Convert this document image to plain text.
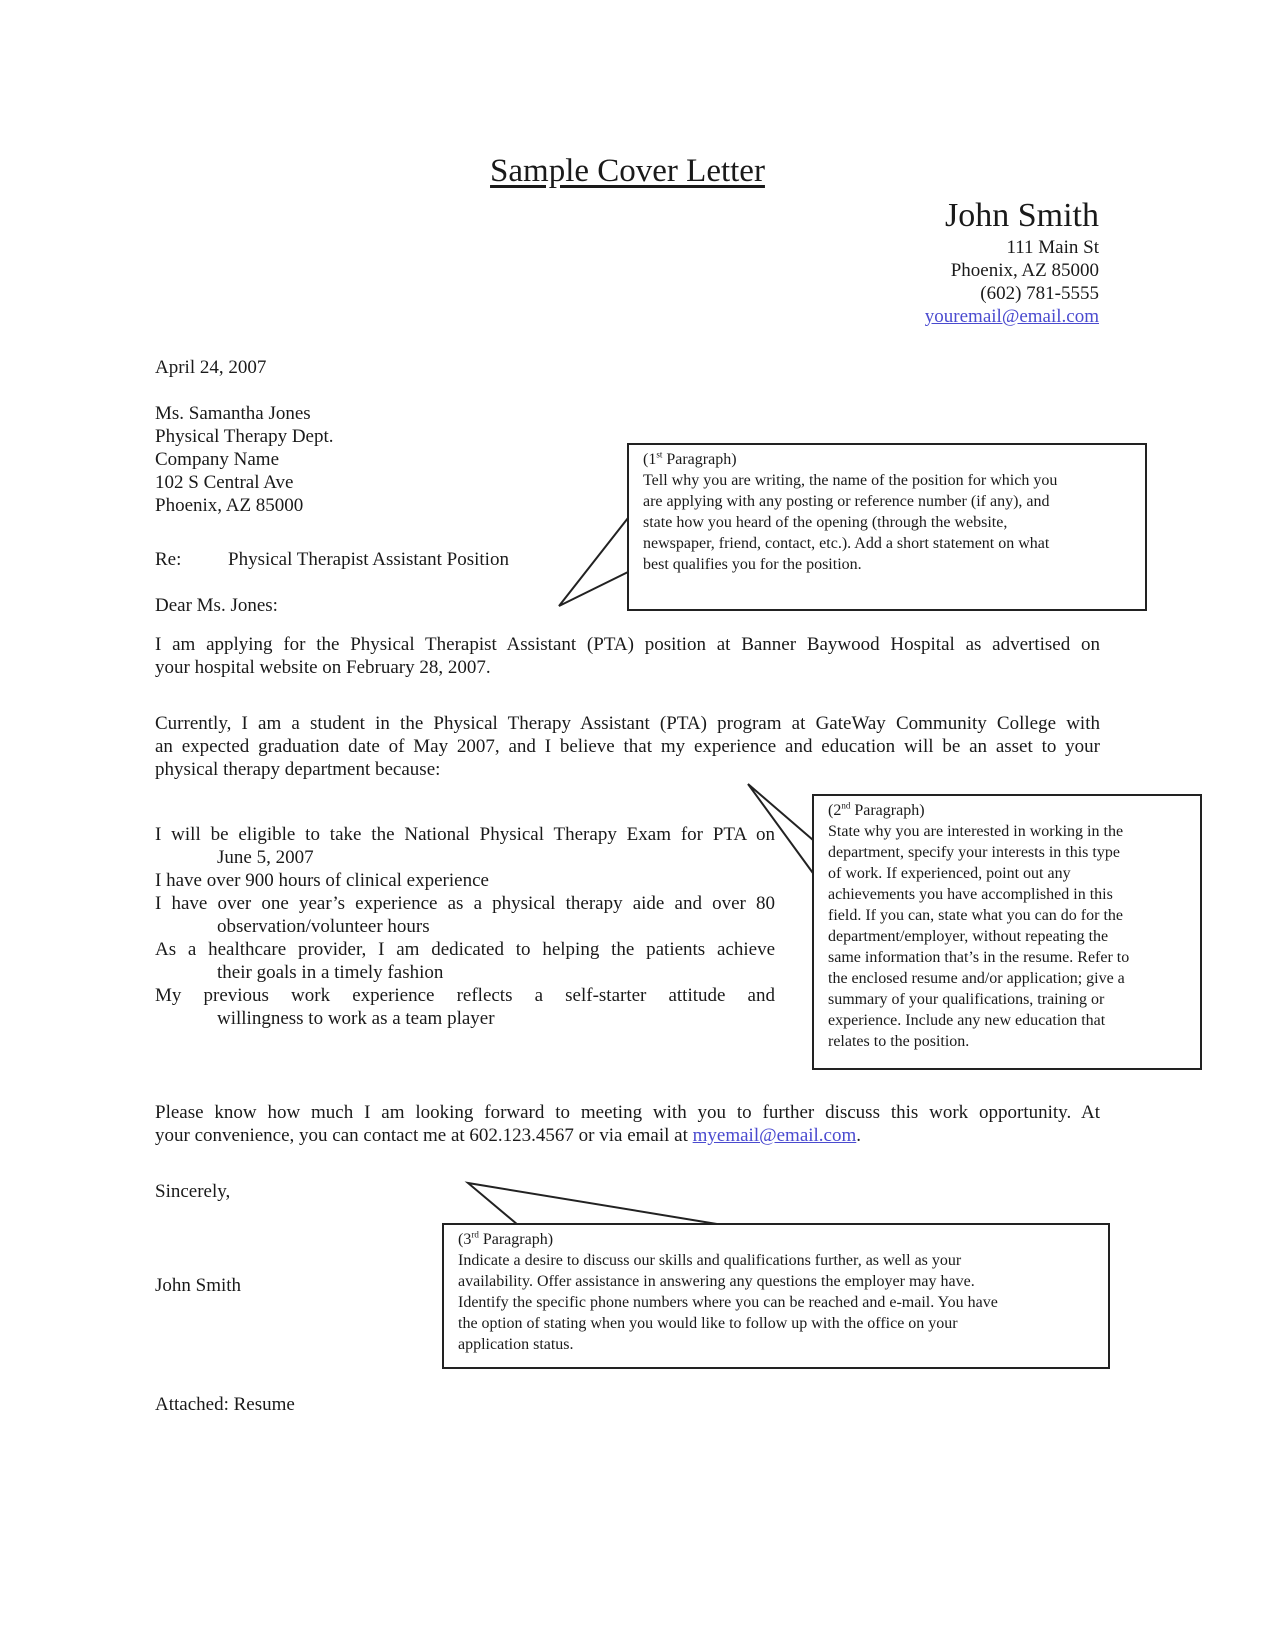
Sample Cover Letter
John Smith
111 Main St
Phoenix, AZ 85000
(602) 781-5555
youremail@email.com
April 24, 2007
Ms. Samantha Jones
Physical Therapy Dept.
Company Name
102 S Central Ave
Phoenix, AZ 85000
Re: Physical Therapist Assistant Position
Dear Ms. Jones:
I am applying for the Physical Therapist Assistant (PTA) position at Banner Baywood Hospital as advertised on
your hospital website on February 28, 2007.
Currently, I am a student in the Physical Therapy Assistant (PTA) program at GateWay Community College with
an expected graduation date of May 2007, and I believe that my experience and education will be an asset to your
physical therapy department because:
I will be eligible to take the National Physical Therapy Exam for PTA on
June 5, 2007
I have over 900 hours of clinical experience
I have over one year’s experience as a physical therapy aide and over 80
observation/volunteer hours
As a healthcare provider, I am dedicated to helping the patients achieve
their goals in a timely fashion
My previous work experience reflects a self-starter attitude and
willingness to work as a team player
Please know how much I am looking forward to meeting with you to further discuss this work opportunity. At
your convenience, you can contact me at 602.123.4567 or via email at myemail@email.com.
Sincerely,
John Smith
Attached: Resume
(1st Paragraph)
Tell why you are writing, the name of the position for which you
are applying with any posting or reference number (if any), and
state how you heard of the opening (through the website,
newspaper, friend, contact, etc.). Add a short statement on what
best qualifies you for the position.
(2nd Paragraph)
State why you are interested in working in the
department, specify your interests in this type
of work. If experienced, point out any
achievements you have accomplished in this
field. If you can, state what you can do for the
department/employer, without repeating the
same information that’s in the resume. Refer to
the enclosed resume and/or application; give a
summary of your qualifications, training or
experience. Include any new education that
relates to the position.
(3rd Paragraph)
Indicate a desire to discuss our skills and qualifications further, as well as your
availability. Offer assistance in answering any questions the employer may have.
Identify the specific phone numbers where you can be reached and e-mail. You have
the option of stating when you would like to follow up with the office on your
application status.
